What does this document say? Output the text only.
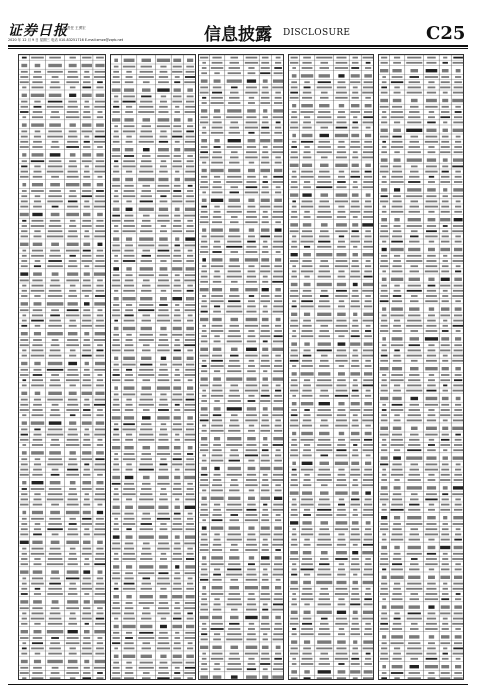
证券日报 责任 王勇宏
2020 年 12 月 9 日 星期三 电话 010-83251716 E-mail:zmzx@zqrb.net	信息披露 DISCLOSURE	C25
